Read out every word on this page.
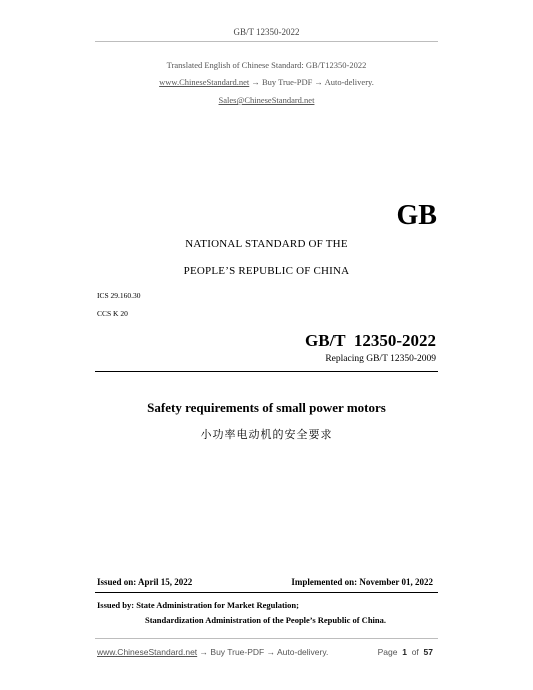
GB/T 12350-2022
Translated English of Chinese Standard: GB/T12350-2022
www.ChineseStandard.net → Buy True-PDF → Auto-delivery.
Sales@ChineseStandard.net
GB
NATIONAL STANDARD OF THE
PEOPLE’S REPUBLIC OF CHINA
ICS 29.160.30
CCS K 20
GB/T  12350-2022
Replacing GB/T 12350-2009
Safety requirements of small power motors
小功率电动机的安全要求
Issued on: April 15, 2022	Implemented on: November 01, 2022
Issued by: State Administration for Market Regulation;
Standardization Administration of the People’s Republic of China.
www.ChineseStandard.net → Buy True-PDF → Auto-delivery.	Page 1 of 57
